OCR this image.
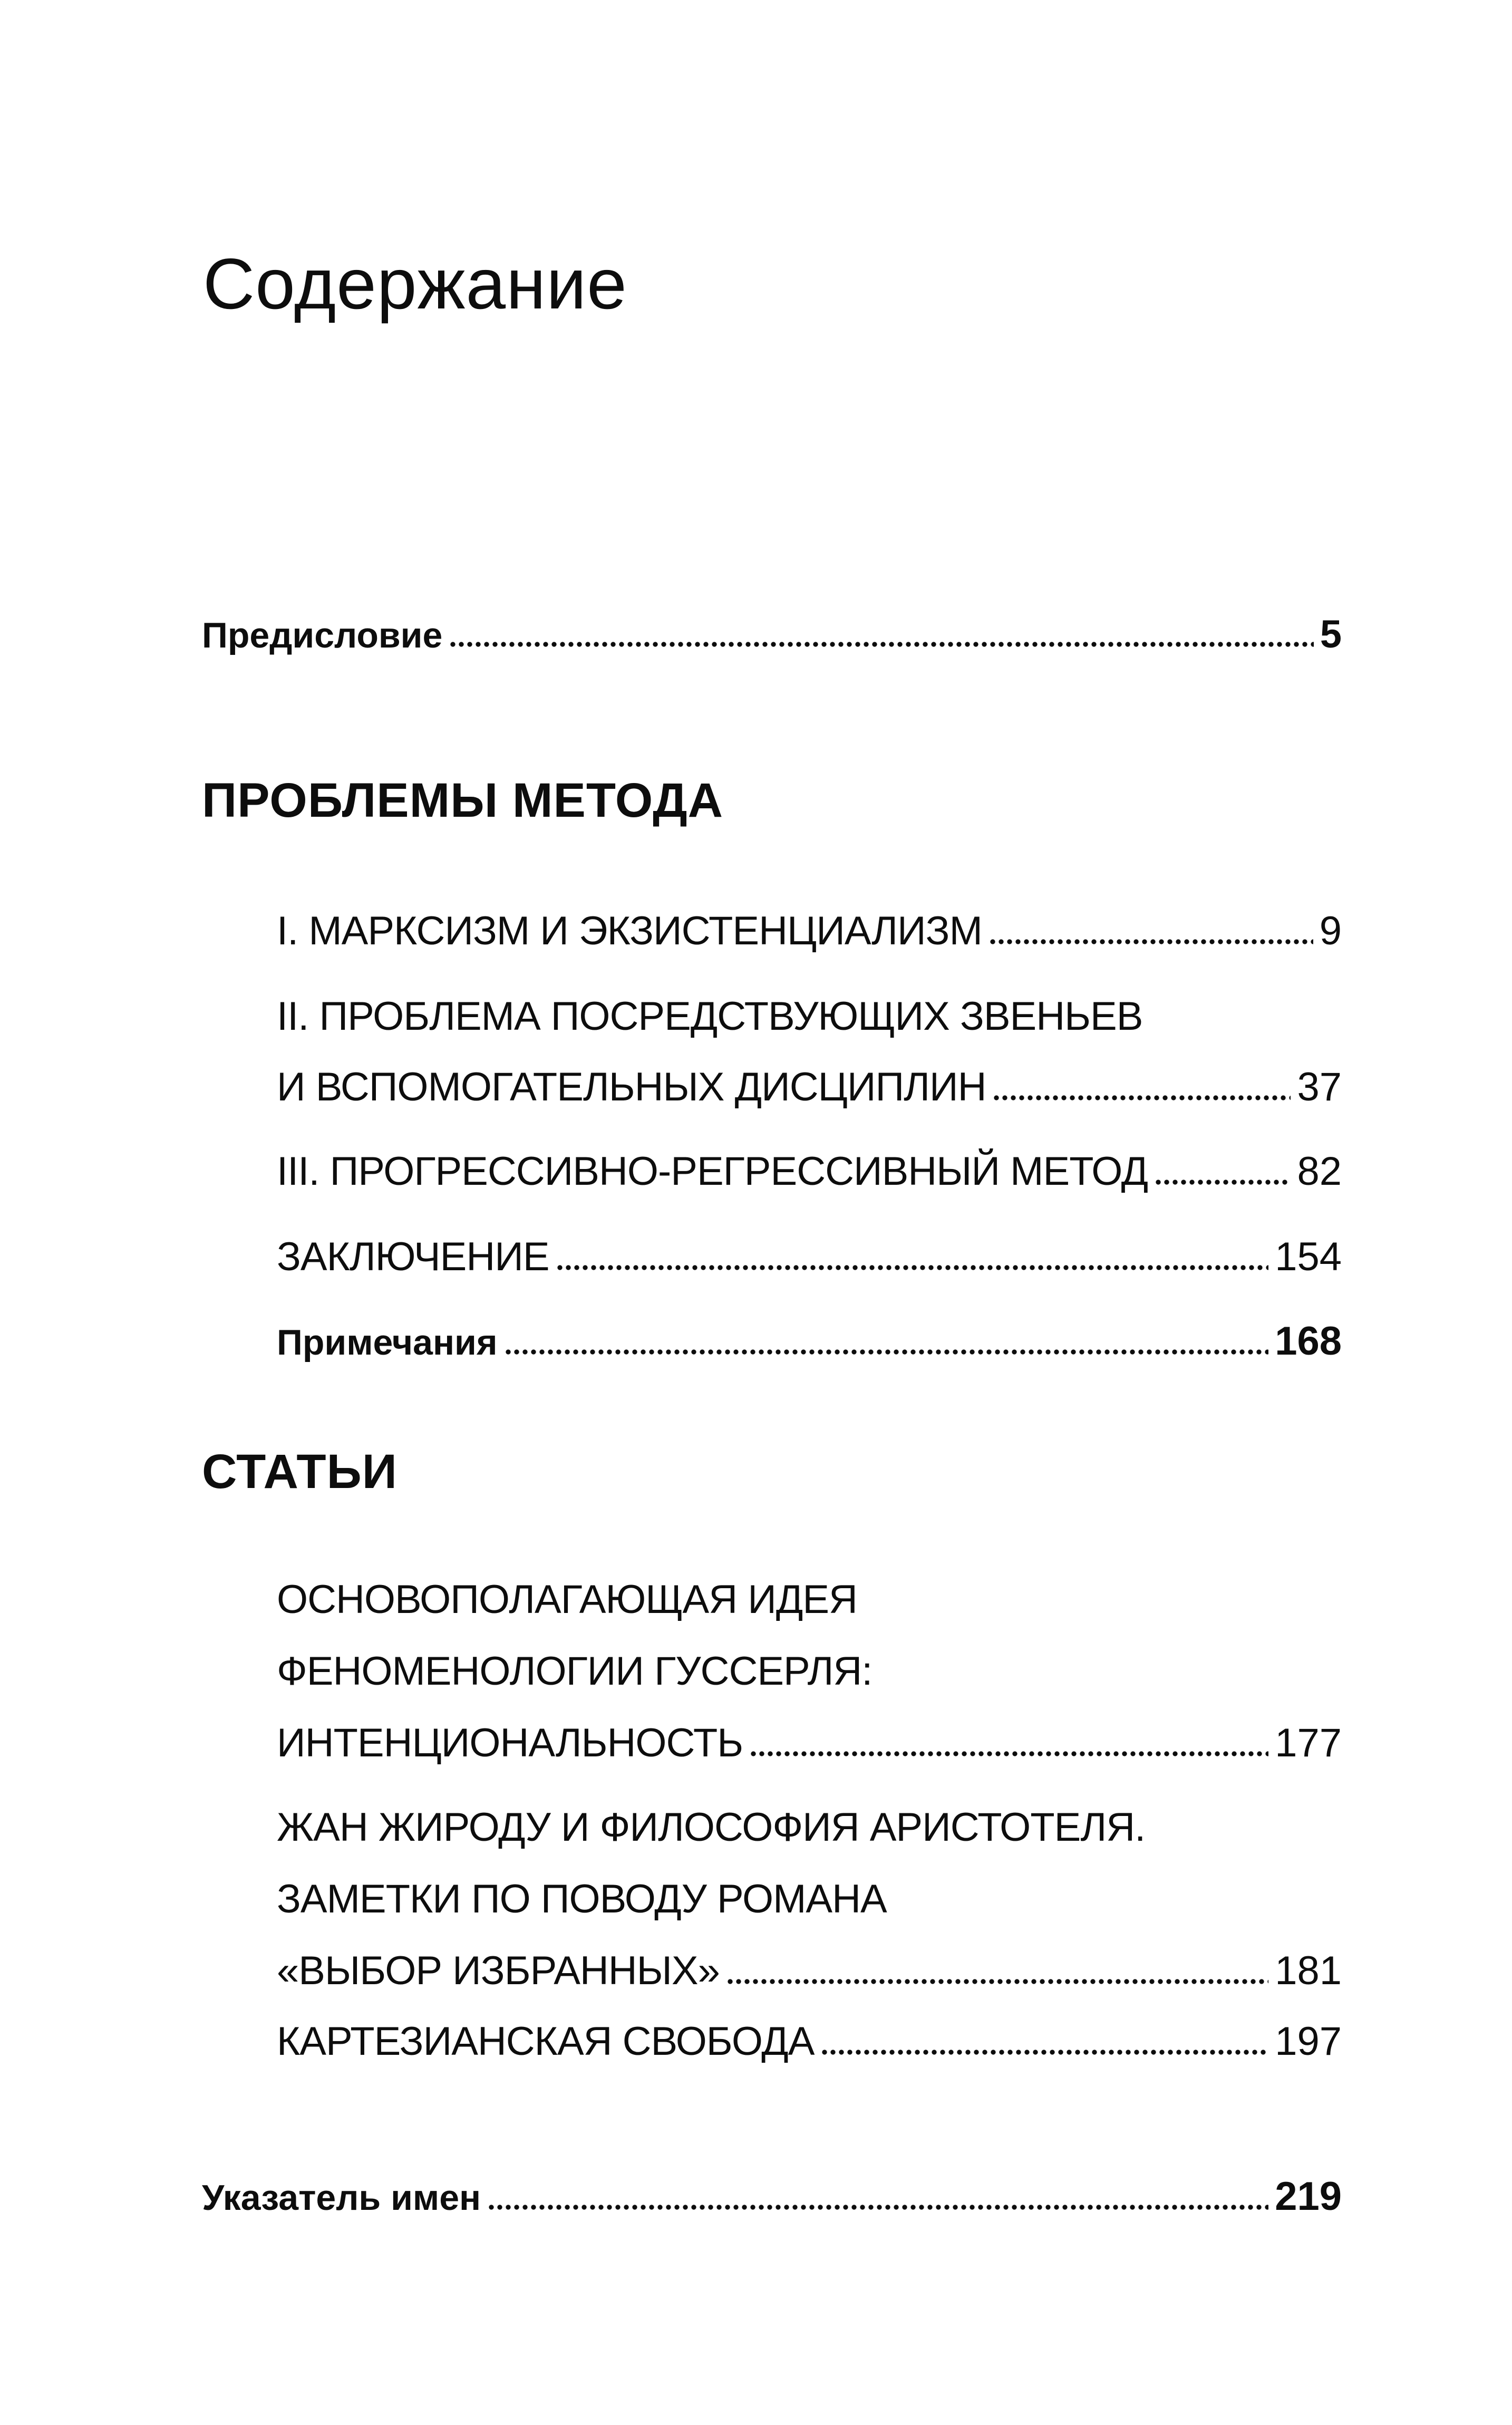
Содержание
Предисловие	5
ПРОБЛЕМЫ МЕТОДА
I. МАРКСИЗМ И ЭКЗИСТЕНЦИАЛИЗМ	9
II. ПРОБЛЕМА ПОСРЕДСТВУЮЩИХ ЗВЕНЬЕВ
И ВСПОМОГАТЕЛЬНЫХ ДИСЦИПЛИН	37
III. ПРОГРЕССИВНО-РЕГРЕССИВНЫЙ МЕТОД	82
ЗАКЛЮЧЕНИЕ	154
Примечания	168
СТАТЬИ
ОСНОВОПОЛАГАЮЩАЯ ИДЕЯ
ФЕНОМЕНОЛОГИИ ГУССЕРЛЯ:
ИНТЕНЦИОНАЛЬНОСТЬ	177
ЖАН ЖИРОДУ И ФИЛОСОФИЯ АРИСТОТЕЛЯ.
ЗАМЕТКИ ПО ПОВОДУ РОМАНА
«ВЫБОР ИЗБРАННЫХ»	181
КАРТЕЗИАНСКАЯ СВОБОДА	197
Указатель имен	219
